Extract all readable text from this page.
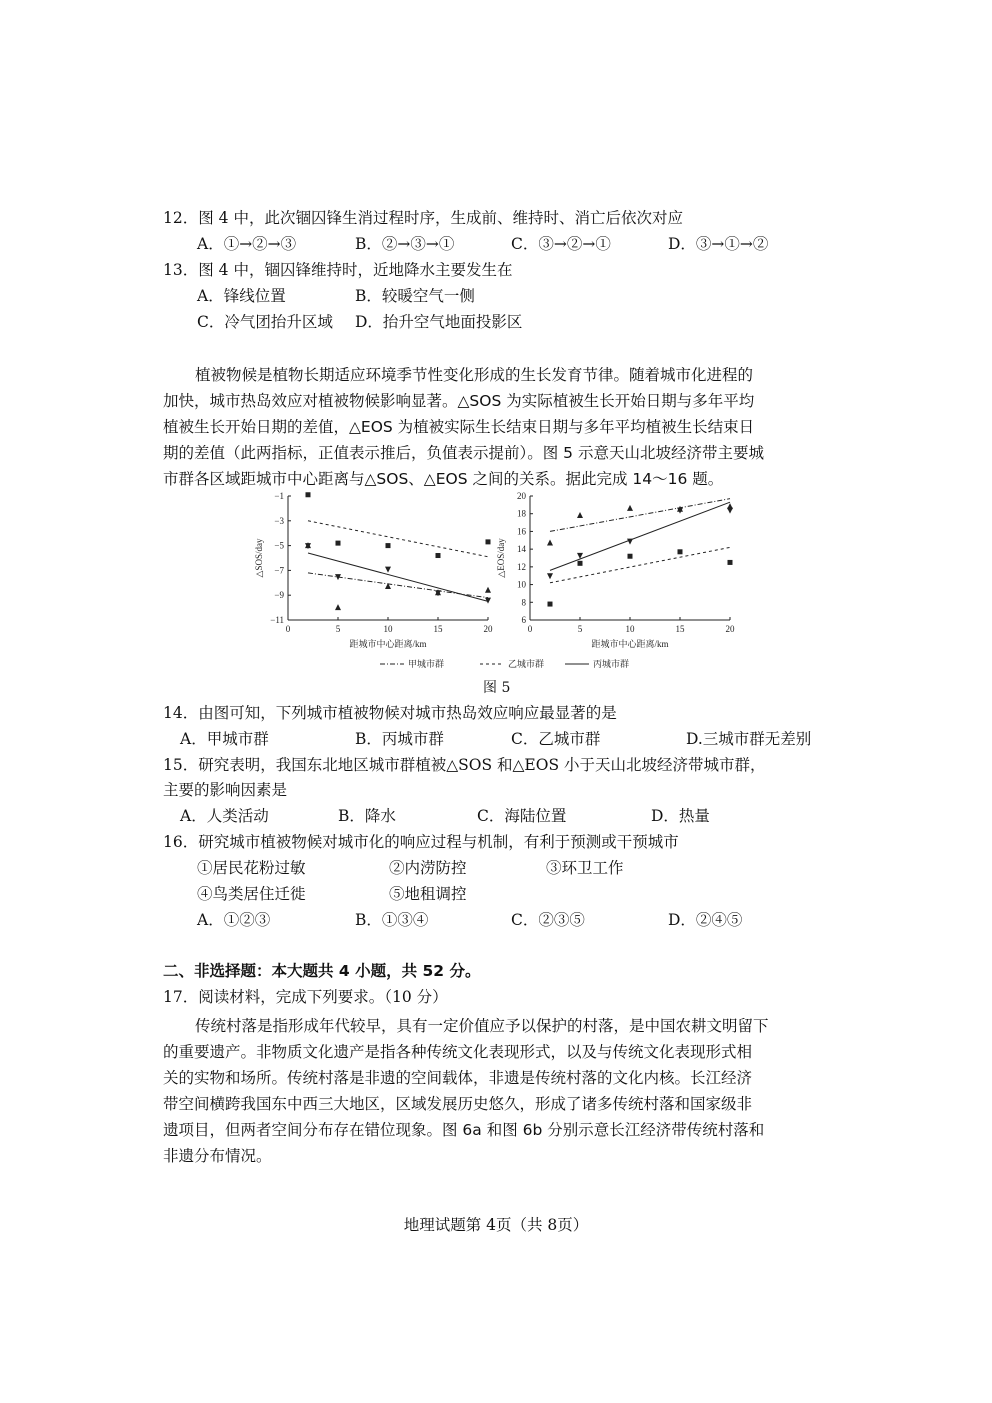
12．图 4 中，此次锢囚锋生消过程时序，生成前、维持时、消亡后依次对应
A．①→②→③	B．②→③→①	C．③→②→①	D．③→①→②
13．图 4 中，锢囚锋维持时，近地降水主要发生在
A．锋线位置	B．较暖空气一侧
C．冷气团抬升区域 D．抬升空气地面投影区
植被物候是植物长期适应环境季节性变化形成的生长发育节律。随着城市化进程的
加快，城市热岛效应对植被物候影响显著。△SOS 为实际植被生长开始日期与多年平均
植被生长开始日期的差值，△EOS 为植被实际生长结束日期与多年平均植被生长结束日
期的差值（此两指标，正值表示推后，负值表示提前）。图 5 示意天山北坡经济带主要城
市群各区域距城市中心距离与△SOS、△EOS 之间的关系。据此完成 14～16 题。
−1
−3
−5
−7
−9
−11
0	5	10	15	20
距城市中心距离/km
△SOS/day
6
8
10
12
14
16
18
20
0	5	10	15	20
距城市中心距离/km
△EOS/day
甲城市群	乙城市群	丙城市群
图 5
14．由图可知，下列城市植被物候对城市热岛效应响应最显著的是
A．甲城市群	B．丙城市群	C．乙城市群	D.三城市群无差别
15．研究表明，我国东北地区城市群植被△SOS 和△EOS 小于天山北坡经济带城市群，
主要的影响因素是
A．人类活动	B．降水	C．海陆位置	D．热量
16．研究城市植被物候对城市化的响应过程与机制，有利于预测或干预城市
①居民花粉过敏	②内涝防控	③环卫工作
④鸟类居住迁徙	⑤地租调控
A．①②③	B．①③④	C．②③⑤	D．②④⑤
二、非选择题：本大题共 4 小题，共 52 分。
17．阅读材料，完成下列要求。（10 分）
传统村落是指形成年代较早，具有一定价值应予以保护的村落，是中国农耕文明留下
的重要遗产。非物质文化遗产是指各种传统文化表现形式，以及与传统文化表现形式相
关的实物和场所。传统村落是非遗的空间载体，非遗是传统村落的文化内核。长江经济
带空间横跨我国东中西三大地区，区域发展历史悠久，形成了诸多传统村落和国家级非
遗项目，但两者空间分布存在错位现象。图 6a 和图 6b 分别示意长江经济带传统村落和
非遗分布情况。
地理试题第 4页（共 8页）
